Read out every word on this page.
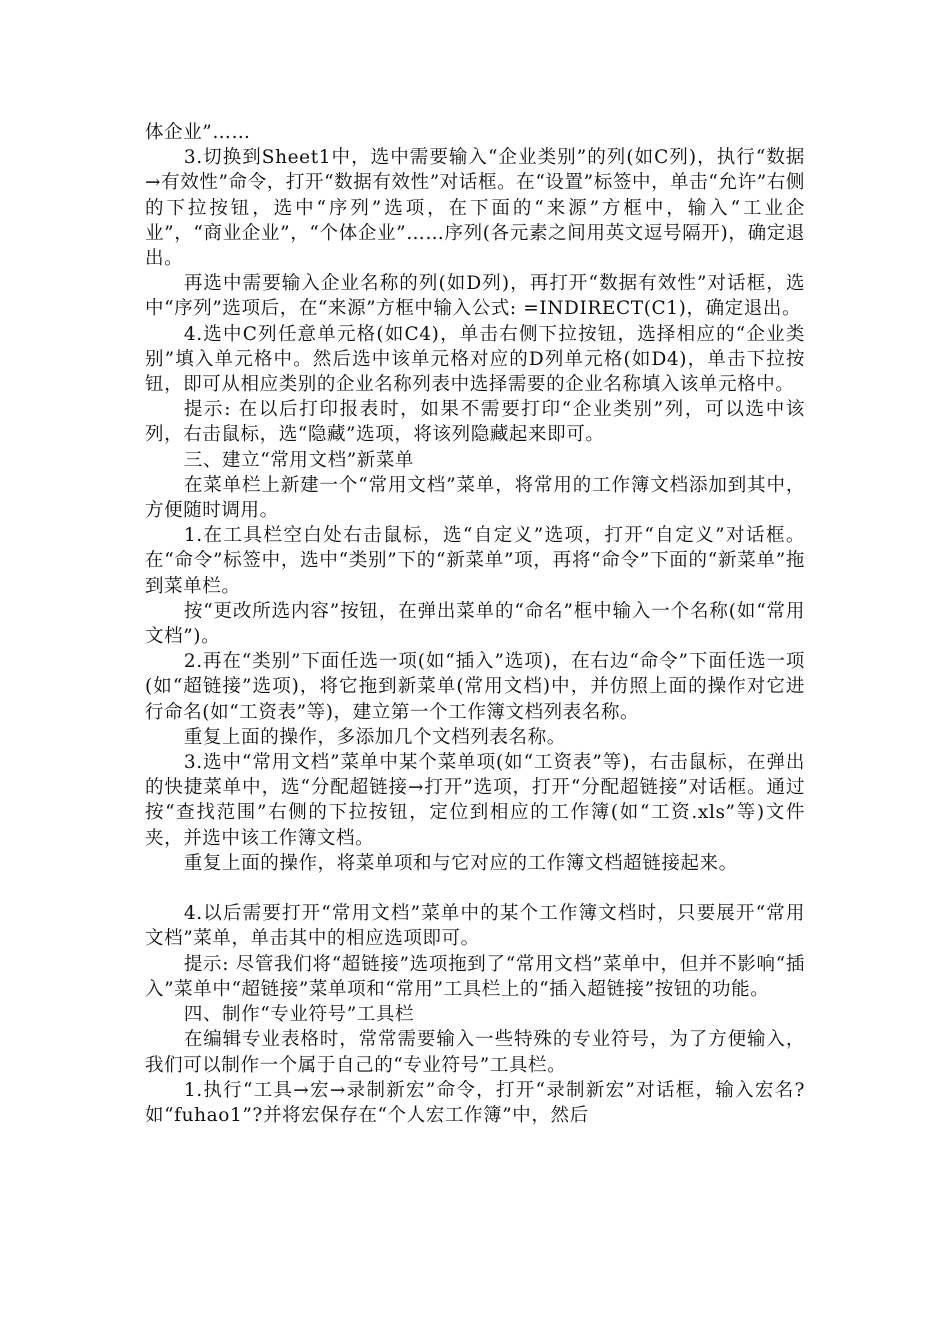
体企业”……

3.切换到Sheet1中，选中需要输入“企业类别”的列(如C列)，执行“数据→有效性”命令，打开“数据有效性”对话框。在“设置”标签中，单击“允许”右侧的下拉按钮，选中“序列”选项，在下面的“来源”方框中，输入“工业企业”，“商业企业”，“个体企业”……序列(各元素之间用英文逗号隔开)，确定退出。

再选中需要输入企业名称的列(如D列)，再打开“数据有效性”对话框，选中“序列”选项后，在“来源”方框中输入公式: =INDIRECT(C1)，确定退出。

4.选中C列任意单元格(如C4)，单击右侧下拉按钮，选择相应的“企业类别”填入单元格中。然后选中该单元格对应的D列单元格(如D4)，单击下拉按钮，即可从相应类别的企业名称列表中选择需要的企业名称填入该单元格中。

提示: 在以后打印报表时，如果不需要打印“企业类别”列，可以选中该列，右击鼠标，选“隐藏”选项，将该列隐藏起来即可。

三、建立“常用文档”新菜单

在菜单栏上新建一个“常用文档”菜单，将常用的工作簿文档添加到其中，方便随时调用。

1.在工具栏空白处右击鼠标，选“自定义”选项，打开“自定义”对话框。在“命令”标签中，选中“类别”下的“新菜单”项，再将“命令”下面的“新菜单”拖到菜单栏。

按“更改所选内容”按钮，在弹出菜单的“命名”框中输入一个名称(如“常用文档”)。

2.再在“类别”下面任选一项(如“插入”选项)，在右边“命令”下面任选一项(如“超链接”选项)，将它拖到新菜单(常用文档)中，并仿照上面的操作对它进行命名(如“工资表”等)，建立第一个工作簿文档列表名称。

重复上面的操作，多添加几个文档列表名称。

3.选中“常用文档”菜单中某个菜单项(如“工资表”等)，右击鼠标，在弹出的快捷菜单中，选“分配超链接→打开”选项，打开“分配超链接”对话框。通过按“查找范围”右侧的下拉按钮，定位到相应的工作簿(如“工资.xls”等)文件夹，并选中该工作簿文档。

重复上面的操作，将菜单项和与它对应的工作簿文档超链接起来。

4.以后需要打开“常用文档”菜单中的某个工作簿文档时，只要展开“常用文档”菜单，单击其中的相应选项即可。

提示: 尽管我们将“超链接”选项拖到了“常用文档”菜单中，但并不影响“插入”菜单中“超链接”菜单项和“常用”工具栏上的“插入超链接”按钮的功能。

四、制作“专业符号”工具栏

在编辑专业表格时，常常需要输入一些特殊的专业符号，为了方便输入，我们可以制作一个属于自己的“专业符号”工具栏。

1.执行“工具→宏→录制新宏”命令，打开“录制新宏”对话框，输入宏名?如“fuhao1”?并将宏保存在“个人宏工作簿”中，然后
